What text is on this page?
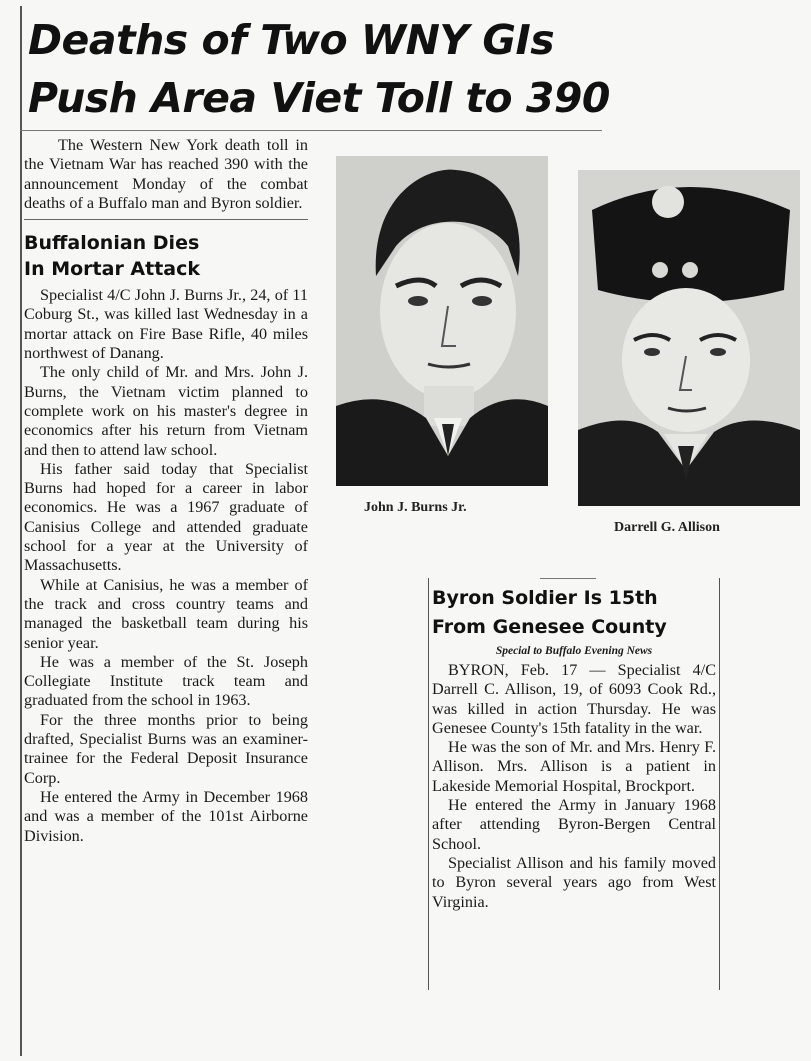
Deaths of Two WNY GIs
Push Area Viet Toll to 390

The Western New York death toll in the Vietnam War has reached 390 with the announcement Monday of the combat deaths of a Buffalo man and Byron soldier.

Buffalonian Dies
In Mortar Attack

Specialist 4/C John J. Burns Jr., 24, of 11 Coburg St., was killed last Wednesday in a mortar attack on Fire Base Rifle, 40 miles northwest of Danang.

The only child of Mr. and Mrs. John J. Burns, the Vietnam victim planned to complete work on his master's degree in economics after his return from Vietnam and then to attend law school.

His father said today that Specialist Burns had hoped for a career in labor economics. He was a 1967 graduate of Canisius College and attended graduate school for a year at the University of Massachusetts.

While at Canisius, he was a member of the track and cross country teams and managed the basketball team during his senior year.

He was a member of the St. Joseph Collegiate Institute track team and graduated from the school in 1963.

For the three months prior to being drafted, Specialist Burns was an examiner-trainee for the Federal Deposit Insurance Corp.

He entered the Army in December 1968 and was a member of the 101st Airborne Division.

John J. Burns Jr.
Darrell G. Allison
Byron Soldier Is 15th
From Genesee County
Special to Buffalo Evening News

BYRON, Feb. 17 — Specialist 4/C Darrell C. Allison, 19, of 6093 Cook Rd., was killed in action Thursday. He was Genesee County's 15th fatality in the war.

He was the son of Mr. and Mrs. Henry F. Allison. Mrs. Allison is a patient in Lakeside Memorial Hospital, Brockport.

He entered the Army in January 1968 after attending Byron-Bergen Central School.

Specialist Allison and his family moved to Byron several years ago from West Virginia.
